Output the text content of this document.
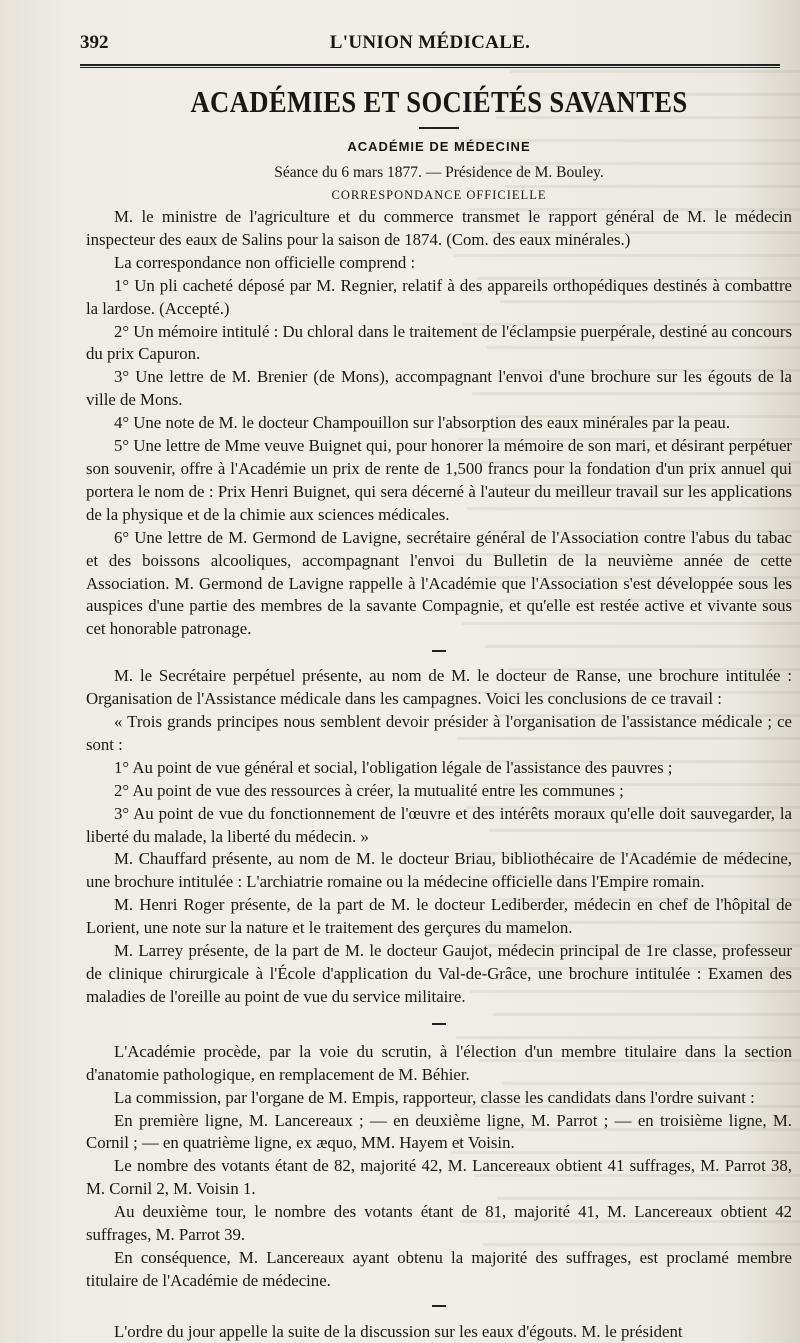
392	L'UNION MÉDICALE.
ACADÉMIES ET SOCIÉTÉS SAVANTES
ACADÉMIE DE MÉDECINE
Séance du 6 mars 1877. — Présidence de M. Bouley.
CORRESPONDANCE OFFICIELLE
M. le ministre de l'agriculture et du commerce transmet le rapport général de M. le médecin inspecteur des eaux de Salins pour la saison de 1874. (Com. des eaux minérales.)
La correspondance non officielle comprend :
1° Un pli cacheté déposé par M. Regnier, relatif à des appareils orthopédiques destinés à combattre la lardose. (Accepté.)
2° Un mémoire intitulé : Du chloral dans le traitement de l'éclampsie puerpérale, destiné au concours du prix Capuron.
3° Une lettre de M. Brenier (de Mons), accompagnant l'envoi d'une brochure sur les égouts de la ville de Mons.
4° Une note de M. le docteur Champouillon sur l'absorption des eaux minérales par la peau.
5° Une lettre de Mme veuve Buignet qui, pour honorer la mémoire de son mari, et désirant perpétuer son souvenir, offre à l'Académie un prix de rente de 1,500 francs pour la fondation d'un prix annuel qui portera le nom de : Prix Henri Buignet, qui sera décerné à l'auteur du meilleur travail sur les applications de la physique et de la chimie aux sciences médicales.
6° Une lettre de M. Germond de Lavigne, secrétaire général de l'Association contre l'abus du tabac et des boissons alcooliques, accompagnant l'envoi du Bulletin de la neuvième année de cette Association. M. Germond de Lavigne rappelle à l'Académie que l'Association s'est développée sous les auspices d'une partie des membres de la savante Compagnie, et qu'elle est restée active et vivante sous cet honorable patronage.
M. le Secrétaire perpétuel présente, au nom de M. le docteur de Ranse, une brochure intitulée : Organisation de l'Assistance médicale dans les campagnes. Voici les conclusions de ce travail :
« Trois grands principes nous semblent devoir présider à l'organisation de l'assistance médicale ; ce sont :
1° Au point de vue général et social, l'obligation légale de l'assistance des pauvres ;
2° Au point de vue des ressources à créer, la mutualité entre les communes ;
3° Au point de vue du fonctionnement de l'œuvre et des intérêts moraux qu'elle doit sauvegarder, la liberté du malade, la liberté du médecin. »
M. Chauffard présente, au nom de M. le docteur Briau, bibliothécaire de l'Académie de médecine, une brochure intitulée : L'archiatrie romaine ou la médecine officielle dans l'Empire romain.
M. Henri Roger présente, de la part de M. le docteur Lediberder, médecin en chef de l'hôpital de Lorient, une note sur la nature et le traitement des gerçures du mamelon.
M. Larrey présente, de la part de M. le docteur Gaujot, médecin principal de 1re classe, professeur de clinique chirurgicale à l'École d'application du Val-de-Grâce, une brochure intitulée : Examen des maladies de l'oreille au point de vue du service militaire.
L'Académie procède, par la voie du scrutin, à l'élection d'un membre titulaire dans la section d'anatomie pathologique, en remplacement de M. Béhier.
La commission, par l'organe de M. Empis, rapporteur, classe les candidats dans l'ordre suivant :
En première ligne, M. Lancereaux ; — en deuxième ligne, M. Parrot ; — en troisième ligne, M. Cornil ; — en quatrième ligne, ex æquo, MM. Hayem et Voisin.
Le nombre des votants étant de 82, majorité 42, M. Lancereaux obtient 41 suffrages, M. Parrot 38, M. Cornil 2, M. Voisin 1.
Au deuxième tour, le nombre des votants étant de 81, majorité 41, M. Lancereaux obtient 42 suffrages, M. Parrot 39.
En conséquence, M. Lancereaux ayant obtenu la majorité des suffrages, est proclamé membre titulaire de l'Académie de médecine.
L'ordre du jour appelle la suite de la discussion sur les eaux d'égouts. M. le président
